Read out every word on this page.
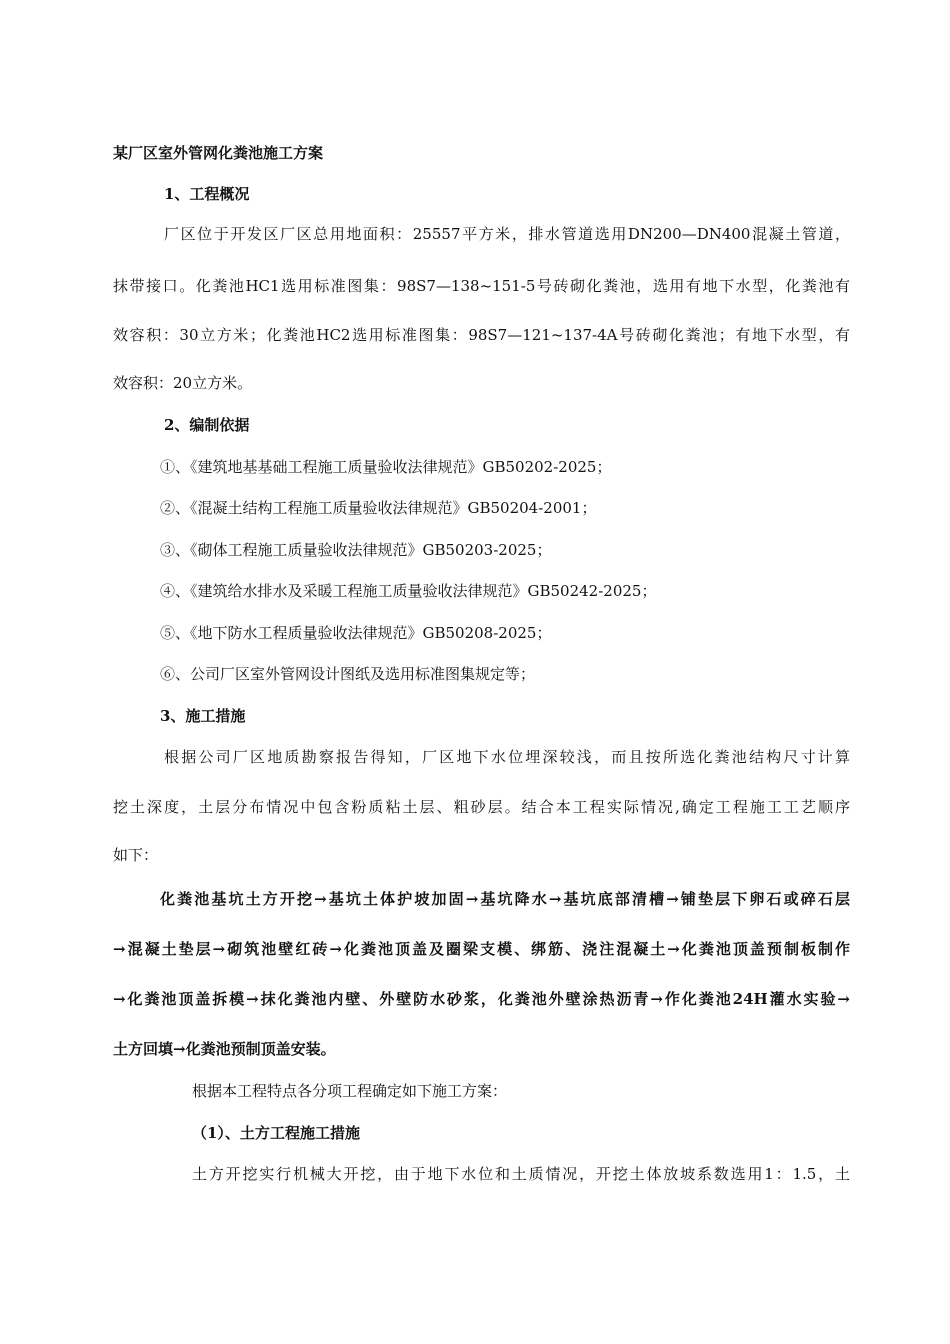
某厂区室外管网化粪池施工方案
1、工程概况
厂区位于开发区厂区总用地面积：25557平方米，排水管道选用DN200—DN400混凝土管道，
抹带接口。化粪池HC1选用标准图集：98S7—138~151-5号砖砌化粪池，选用有地下水型，化粪池有
效容积：30立方米；化粪池HC2选用标准图集：98S7—121~137-4A号砖砌化粪池；有地下水型，有
效容积：20立方米。
2、编制依据
①、《建筑地基基础工程施工质量验收法律规范》GB50202-2025；
②、《混凝土结构工程施工质量验收法律规范》GB50204-2001；
③、《砌体工程施工质量验收法律规范》GB50203-2025；
④、《建筑给水排水及采暖工程施工质量验收法律规范》GB50242-2025；
⑤、《地下防水工程质量验收法律规范》GB50208-2025；
⑥、公司厂区室外管网设计图纸及选用标准图集规定等；
3、施工措施
根据公司厂区地质勘察报告得知，厂区地下水位埋深较浅，而且按所选化粪池结构尺寸计算
挖土深度，土层分布情况中包含粉质粘土层、粗砂层。结合本工程实际情况,确定工程施工工艺顺序
如下：
化粪池基坑土方开挖→基坑土体护坡加固→基坑降水→基坑底部清槽→铺垫层下卵石或碎石层
→混凝土垫层→砌筑池壁红砖→化粪池顶盖及圈梁支模、绑筋、浇注混凝土→化粪池顶盖预制板制作
→化粪池顶盖拆模→抹化粪池内壁、外壁防水砂浆，化粪池外壁涂热沥青→作化粪池24H灌水实验→
土方回填→化粪池预制顶盖安装。
根据本工程特点各分项工程确定如下施工方案：
（1）、土方工程施工措施
土方开挖实行机械大开挖，由于地下水位和土质情况，开挖土体放坡系数选用1：1.5，土
